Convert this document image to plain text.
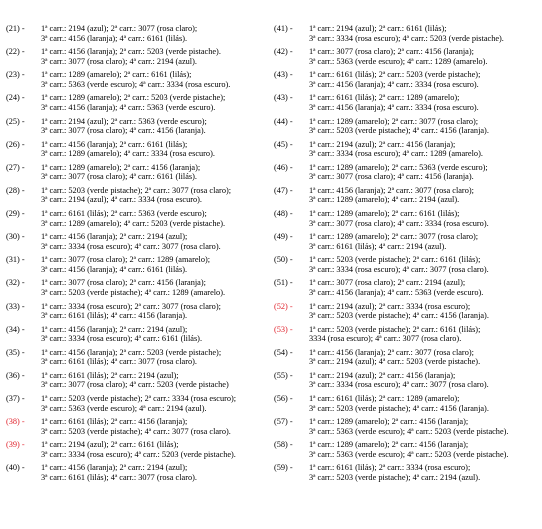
(21) -	1ª carr.: 2194 (azul); 2ª carr.: 3077 (rosa claro);
3ª carr.: 4156 (laranja); 4ª carr.: 6161 (lilás).
(22) -	1ª carr.: 4156 (laranja); 2ª carr.: 5203 (verde pistache).
3ª carr.: 3077 (rosa claro); 4ª carr.: 2194 (azul).
(23) -	1ª carr.: 1289 (amarelo); 2ª carr.: 6161 (lilás);
3ª carr.: 5363 (verde escuro); 4ª carr.: 3334 (rosa escuro).
(24) -	1ª carr.: 1289 (amarelo); 2ª carr.: 5203 (verde pistache);
3ª carr.: 4156 (laranja); 4ª carr.: 5363 (verde escuro).
(25) -	1ª carr.: 2194 (azul); 2ª carr.: 5363 (verde escuro);
3ª carr.: 3077 (rosa claro); 4ª carr.: 4156 (laranja).
(26) -	1ª carr.: 4156 (laranja); 2ª carr.: 6161 (lilás);
3ª carr.: 1289 (amarelo); 4ª carr.: 3334 (rosa escuro).
(27) -	1ª carr.: 1289 (amarelo); 2ª carr.: 4156 (laranja);
3ª carr.: 3077 (rosa claro); 4ª carr.: 6161 (lilás).
(28) -	1ª carr.: 5203 (verde pistache); 2ª carr.: 3077 (rosa claro);
3ª carr.: 2194 (azul); 4ª carr.: 3334 (rosa escuro).
(29) -	1ª carr.: 6161 (lilás); 2ª carr.: 5363 (verde escuro);
3ª carr.: 1289 (amarelo); 4ª carr.: 5203 (verde pistache).
(30) -	1ª carr.: 4156 (laranja); 2ª carr.: 2194 (azul);
3ª carr.: 3334 (rosa escuro); 4ª carr.: 3077 (rosa claro).
(31) -	1ª carr.: 3077 (rosa claro); 2ª carr.: 1289 (amarelo);
3ª carr.: 4156 (laranja); 4ª carr.: 6161 (lilás).
(32) -	1ª carr.: 3077 (rosa claro); 2ª carr.: 4156 (laranja);
3ª carr.: 5203 (verde pistache); 4ª carr.: 1289 (amarelo).
(33) -	1ª carr.: 3334 (rosa escuro); 2ª carr.: 3077 (rosa claro);
3ª carr.: 6161 (lilás); 4ª carr.: 4156 (laranja).
(34) -	1ª carr.: 4156 (laranja); 2ª carr.: 2194 (azul);
3ª carr.: 3334 (rosa escuro); 4ª carr.: 6161 (lilás).
(35) -	1ª carr.: 4156 (laranja); 2ª carr.: 5203 (verde pistache);
3ª carr.: 6161 (lilás); 4ª carr.: 3077 (rosa claro).
(36) -	1ª carr.: 6161 (lilás); 2ª carr.: 2194 (azul);
3ª carr.: 3077 (rosa claro); 4ª carr.: 5203 (verde pistache)
(37) -	1ª carr.: 5203 (verde pistache); 2ª carr.: 3334 (rosa escuro);
3ª carr.: 5363 (verde escuro); 4ª carr.: 2194 (azul).
(38) -	1ª carr.: 6161 (lilás); 2ª carr.: 4156 (laranja);
3ª carr.: 5203 (verde pistache); 4ª carr.: 3077 (rosa claro).
(39) -	1ª carr.: 2194 (azul); 2ª carr.: 6161 (lilás);
3ª carr.: 3334 (rosa escuro); 4ª carr.: 5203 (verde pistache).
(40) -	1ª carr.: 4156 (laranja); 2ª carr.: 2194 (azul);
3ª carr.: 6161 (lilás); 4ª carr.: 3077 (rosa claro).
(41) -	1ª carr.: 2194 (azul); 2ª carr.: 6161 (lilás);
3ª carr.: 3334 (rosa escuro); 4ª carr.: 5203 (verde pistache).
(42) -	1ª carr.: 3077 (rosa claro); 2ª carr.: 4156 (laranja);
3ª carr.: 5363 (verde escuro); 4ª carr.: 1289 (amarelo).
(43) -	1ª carr.: 6161 (lilás); 2ª carr.: 5203 (verde pistache);
3ª carr.: 4156 (laranja); 4ª carr.: 3334 (rosa escuro).
(43) -	1ª carr.: 6161 (lilás); 2ª carr.: 1289 (amarelo);
3ª carr.: 4156 (laranja); 4ª carr.: 3334 (rosa escuro).
(44) -	1ª carr.: 1289 (amarelo); 2ª carr.: 3077 (rosa claro);
3ª carr.: 5203 (verde pistache); 4ª carr.: 4156 (laranja).
(45) -	1ª carr.: 2194 (azul); 2ª carr.: 4156 (laranja);
3ª carr.: 3334 (rosa escuro); 4ª carr.: 1289 (amarelo).
(46) -	1ª carr.: 1289 (amarelo); 2ª carr.: 5363 (verde escuro);
3ª carr.: 3077 (rosa claro); 4ª carr.: 4156 (laranja).
(47) -	1ª carr.: 4156 (laranja); 2ª carr.: 3077 (rosa claro);
3ª carr.: 1289 (amarelo); 4ª carr.: 2194 (azul).
(48) -	1ª carr.: 1289 (amarelo); 2ª carr.: 6161 (lilás);
3ª carr.: 3077 (rosa claro); 4ª carr.: 3334 (rosa escuro).
(49) -	1ª carr.: 1289 (amarelo); 2ª carr.: 3077 (rosa claro);
3ª carr.: 6161 (lilás); 4ª carr.: 2194 (azul).
(50) -	1ª carr.: 5203 (verde pistache); 2ª carr.: 6161 (lilás);
3ª carr.: 3334 (rosa escuro); 4ª carr.: 3077 (rosa claro).
(51) -	1ª carr.: 3077 (rosa claro); 2ª carr.: 2194 (azul);
3ª carr.: 4156 (laranja); 4ª carr.: 5363 (verde escuro).
(52) -	1ª carr.: 2194 (azul); 2ª carr.: 3334 (rosa escuro);
3ª carr.: 5203 (verde pistache); 4ª carr.: 4156 (laranja).
(53) -	1ª carr.: 5203 (verde pistache); 2ª carr.: 6161 (lilás);
3334 (rosa escuro); 4ª carr.: 3077 (rosa claro).
(54) -	1ª carr.: 4156 (laranja); 2ª carr.: 3077 (rosa claro);
3ª carr.: 2194 (azul); 4ª carr.: 5203 (verde pistache).
(55) -	1ª carr.: 2194 (azul); 2ª carr.: 4156 (laranja);
3ª carr.: 3334 (rosa escuro); 4ª carr.: 3077 (rosa claro).
(56) -	1ª carr.: 6161 (lilás); 2ª carr.: 1289 (amarelo);
3ª carr.: 5203 (verde pistache); 4ª carr.: 4156 (laranja).
(57) -	1ª carr.: 1289 (amarelo); 2ª carr.: 4156 (laranja);
3ª carr.: 5363 (verde escuro); 4ª carr.: 5203 (verde pistache).
(58) -	1ª carr.: 1289 (amarelo); 2ª carr.: 4156 (laranja);
3ª carr.: 5363 (verde escuro); 4ª carr.: 5203 (verde pistache).
(59) -	1ª carr.: 6161 (lilás); 2ª carr.: 3334 (rosa escuro);
3ª carr.: 5203 (verde pistache); 4ª carr.: 2194 (azul).
